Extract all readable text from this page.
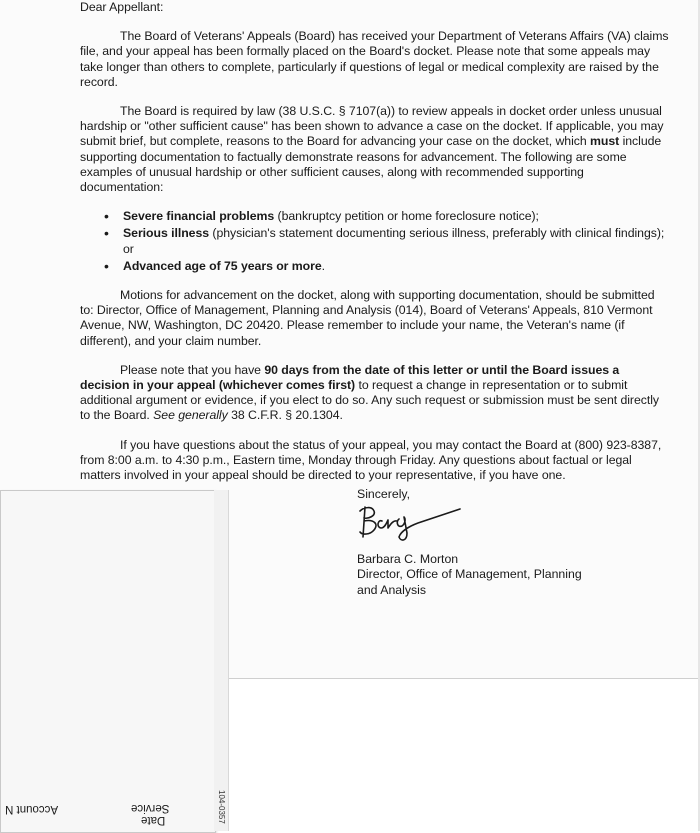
Dear Appellant:

The Board of Veterans' Appeals (Board) has received your Department of Veterans Affairs (VA) claims file, and your appeal has been formally placed on the Board's docket. Please note that some appeals may take longer than others to complete, particularly if questions of legal or medical complexity are raised by the record.

The Board is required by law (38 U.S.C. § 7107(a)) to review appeals in docket order unless unusual hardship or "other sufficient cause" has been shown to advance a case on the docket. If applicable, you may submit brief, but complete, reasons to the Board for advancing your case on the docket, which must include supporting documentation to factually demonstrate reasons for advancement. The following are some examples of unusual hardship or other sufficient causes, along with recommended supporting documentation:

• Severe financial problems (bankruptcy petition or home foreclosure notice);
• Serious illness (physician's statement documenting serious illness, preferably with clinical findings); or
• Advanced age of 75 years or more.

Motions for advancement on the docket, along with supporting documentation, should be submitted to: Director, Office of Management, Planning and Analysis (014), Board of Veterans' Appeals, 810 Vermont Avenue, NW, Washington, DC 20420. Please remember to include your name, the Veteran's name (if different), and your claim number.

Please note that you have 90 days from the date of this letter or until the Board issues a decision in your appeal (whichever comes first) to request a change in representation or to submit additional argument or evidence, if you elect to do so. Any such request or submission must be sent directly to the Board. See generally 38 C.F.R. § 20.1304.

If you have questions about the status of your appeal, you may contact the Board at (800) 923-8387, from 8:00 a.m. to 4:30 p.m., Eastern time, Monday through Friday. Any questions about factual or legal matters involved in your appeal should be directed to your representative, if you have one.

Sincerely,
Barbara C. Morton
Director, Office of Management, Planning
and Analysis
Account N	Service
Date	104-0357
